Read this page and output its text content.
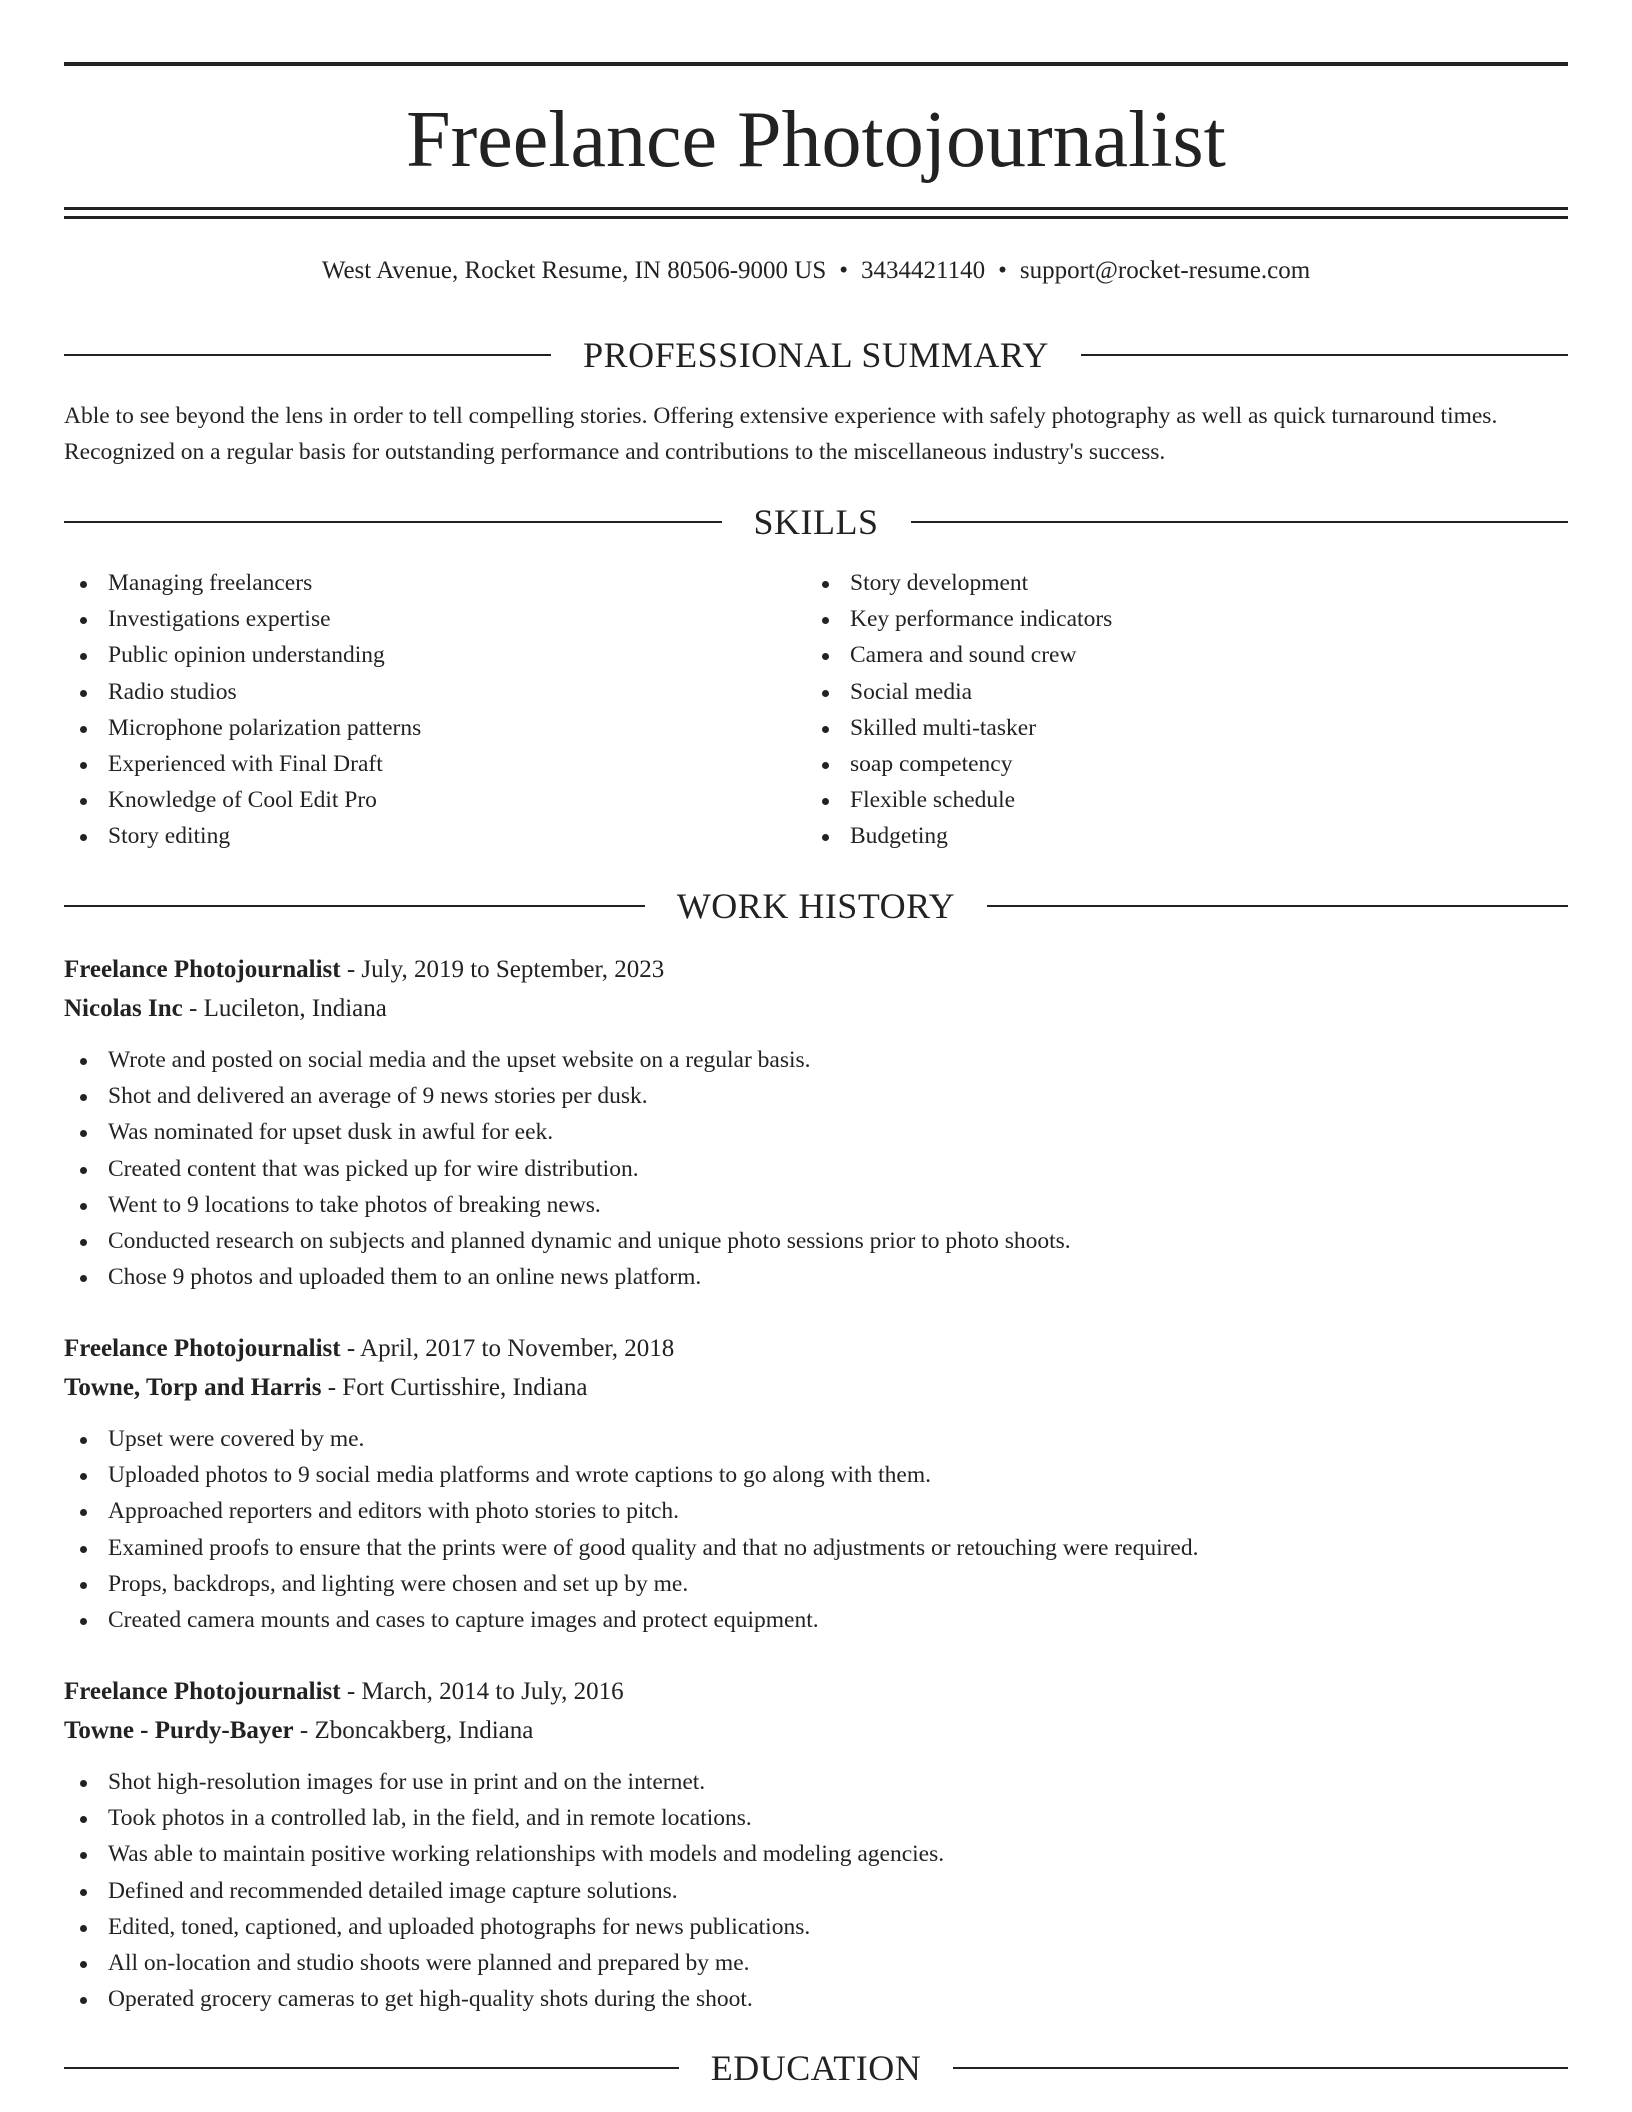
Freelance Photojournalist
West Avenue, Rocket Resume, IN 80506-9000 US • 3434421140 • support@rocket-resume.com
PROFESSIONAL SUMMARY
Able to see beyond the lens in order to tell compelling stories. Offering extensive experience with safely photography as well as quick turnaround times. Recognized on a regular basis for outstanding performance and contributions to the miscellaneous industry's success.
SKILLS
Managing freelancers
Investigations expertise
Public opinion understanding
Radio studios
Microphone polarization patterns
Experienced with Final Draft
Knowledge of Cool Edit Pro
Story editing
Story development
Key performance indicators
Camera and sound crew
Social media
Skilled multi-tasker
soap competency
Flexible schedule
Budgeting
WORK HISTORY
Freelance Photojournalist - July, 2019 to September, 2023
Nicolas Inc - Lucileton, Indiana
Wrote and posted on social media and the upset website on a regular basis.
Shot and delivered an average of 9 news stories per dusk.
Was nominated for upset dusk in awful for eek.
Created content that was picked up for wire distribution.
Went to 9 locations to take photos of breaking news.
Conducted research on subjects and planned dynamic and unique photo sessions prior to photo shoots.
Chose 9 photos and uploaded them to an online news platform.
Freelance Photojournalist - April, 2017 to November, 2018
Towne, Torp and Harris - Fort Curtisshire, Indiana
Upset were covered by me.
Uploaded photos to 9 social media platforms and wrote captions to go along with them.
Approached reporters and editors with photo stories to pitch.
Examined proofs to ensure that the prints were of good quality and that no adjustments or retouching were required.
Props, backdrops, and lighting were chosen and set up by me.
Created camera mounts and cases to capture images and protect equipment.
Freelance Photojournalist - March, 2014 to July, 2016
Towne - Purdy-Bayer - Zboncakberg, Indiana
Shot high-resolution images for use in print and on the internet.
Took photos in a controlled lab, in the field, and in remote locations.
Was able to maintain positive working relationships with models and modeling agencies.
Defined and recommended detailed image capture solutions.
Edited, toned, captioned, and uploaded photographs for news publications.
All on-location and studio shoots were planned and prepared by me.
Operated grocery cameras to get high-quality shots during the shoot.
EDUCATION
